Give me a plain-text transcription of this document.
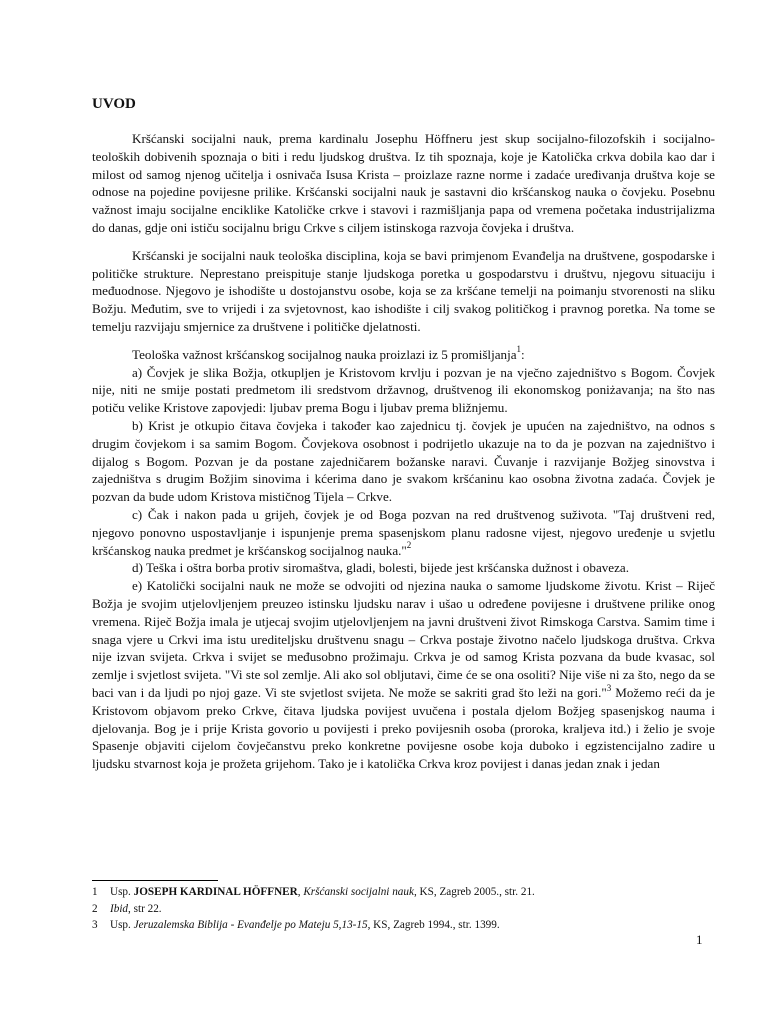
UVOD

Kršćanski socijalni nauk, prema kardinalu Josephu Höffneru jest skup socijalno-filozofskih i socijalno-teoloških dobivenih spoznaja o biti i redu ljudskog društva. Iz tih spoznaja, koje je Katolička crkva dobila kao dar i milost od samog njenog učitelja i osnivača Isusa Krista – proizlaze razne norme i zadaće uređivanja društva koje se odnose na pojedine povijesne prilike. Kršćanski socijalni nauk je sastavni dio kršćanskog nauka o čovjeku. Posebnu važnost imaju socijalne enciklike Katoličke crkve i stavovi i razmišljanja papa od vremena početaka industrijalizma do danas, gdje oni ističu socijalnu brigu Crkve s ciljem istinskoga razvoja čovjeka i društva.

Kršćanski je socijalni nauk teološka disciplina, koja se bavi primjenom Evanđelja na društvene, gospodarske i političke strukture. Neprestano preispituje stanje ljudskoga poretka u gospodarstvu i društvu, njegovu situaciju i međuodnose. Njegovo je ishodište u dostojanstvu osobe, koja se za kršćane temelji na poimanju stvorenosti na sliku Božju. Međutim, sve to vrijedi i za svjetovnost, kao ishodište i cilj svakog političkog i pravnog poretka. Na tome se temelju razvijaju smjernice za društvene i političke djelatnosti.

Teološka važnost kršćanskog socijalnog nauka proizlazi iz 5 promišljanja$^1$:

a) Čovjek je slika Božja, otkupljen je Kristovom krvlju i pozvan je na vječno zajedništvo s Bogom. Čovjek nije, niti ne smije postati predmetom ili sredstvom državnog, društvenog ili ekonomskog poniżavanja; na što nas potiču velike Kristove zapovjedi: ljubav prema Bogu i ljubav prema bližnjemu.

b) Krist je otkupio čitava čovjeka i također kao zajednicu tj. čovjek je upućen na zajedništvo, na odnos s drugim čovjekom i sa samim Bogom. Čovjekova osobnost i podrijetlo ukazuje na to da je pozvan na zajedništvo i dijalog s Bogom. Pozvan je da postane zajedničarem božanske naravi. Čuvanje i razvijanje Božjeg sinovstva i zajedništva s drugim Božjim sinovima i kćerima dano je svakom kršćaninu kao osobna životna zadaća. Čovjek je pozvan da bude udom Kristova mističnog Tijela – Crkve.

c) Čak i nakon pada u grijeh, čovjek je od Boga pozvan na red društvenog suživota. "Taj društveni red, njegovo ponovno uspostavljanje i ispunjenje prema spasenjskom planu radosne vijest, njegovo uređenje u svjetlu kršćanskog nauka predmet je kršćanskog socijalnog nauka."$^2$

d) Teška i oštra borba protiv siromaštva, gladi, bolesti, bijede jest kršćanska dužnost i obaveza.

e) Katolički socijalni nauk ne može se odvojiti od njezina nauka o samome ljudskome životu. Krist – Riječ Božja je svojim utjelovljenjem preuzeo istinsku ljudsku narav i ušao u određene povijesne i društvene prilike onog vremena. Riječ Božja imala je utjecaj svojim utjelovljenjem na javni društveni život Rimskoga Carstva. Samim time i snaga vjere u Crkvi ima istu urediteljsku društvenu snagu – Crkva postaje životno načelo ljudskoga društva. Crkva nije izvan svijeta. Crkva i svijet se međusobno prožimaju. Crkva je od samog Krista pozvana da bude kvasac, sol zemlje i svjetlost svijeta. "Vi ste sol zemlje. Ali ako sol obljutavi, čime će se ona osoliti? Nije više ni za što, nego da se baci van i da ljudi po njoj gaze. Vi ste svjetlost svijeta. Ne može se sakriti grad što leži na gori."$^3$ Možemo reći da je Kristovom objavom preko Crkve, čitava ljudska povijest uvučena i postala djelom Božjeg spasenjskog nauma i djelovanja. Bog je i prije Krista govorio u povijesti i preko povijesnih osoba (proroka, kraljeva itd.) i želio je svoje Spasenje objaviti cijelom čovječanstvu preko konkretne povijesne osobe koja duboko i egzistencijalno zadire u ljudsku stvarnost koja je prožeta grijehom. Tako je i katolička Crkva kroz povijest i danas jedan znak i jedan

1 Usp. JOSEPH KARDINAL HÖFFNER, Kršćanski socijalni nauk, KS, Zagreb 2005., str. 21.
2 Ibid, str 22.
3 Usp. Jeruzalemska Biblija - Evanđelje po Mateju 5,13-15, KS, Zagreb 1994., str. 1399.
1
